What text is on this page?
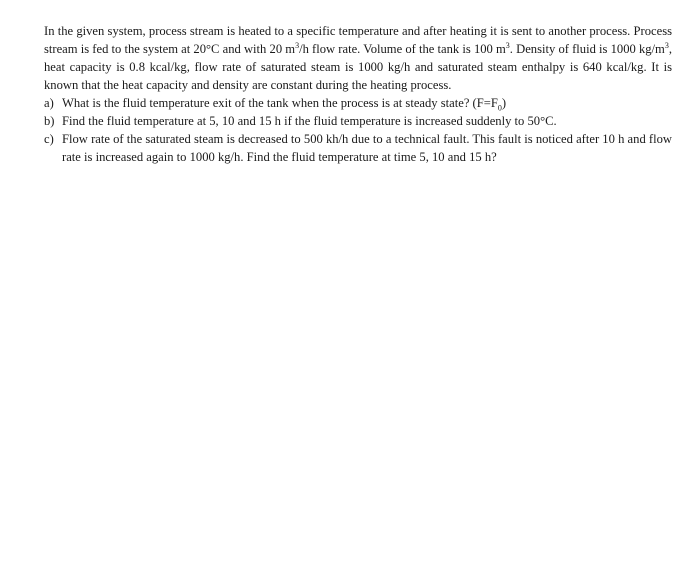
In the given system, process stream is heated to a specific temperature and after heating it is sent to another process. Process stream is fed to the system at 20°C and with 20 $m^3/h$ flow rate. Volume of the tank is 100 $m^3$. Density of fluid is 1000 $kg/m^3$, heat capacity is 0.8 kcal/kg, flow rate of saturated steam is 1000 kg/h and saturated steam enthalpy is 640 kcal/kg. It is known that the heat capacity and density are constant during the heating process.

a) What is the fluid temperature exit of the tank when the process is at steady state? $(F=F_0)$
b) Find the fluid temperature at 5, 10 and 15 h if the fluid temperature is increased suddenly to 50°C.
c) Flow rate of the saturated steam is decreased to 500 kh/h due to a technical fault. This fault is noticed after 10 h and flow rate is increased again to 1000 kg/h. Find the fluid temperature at time 5, 10 and 15 h?
